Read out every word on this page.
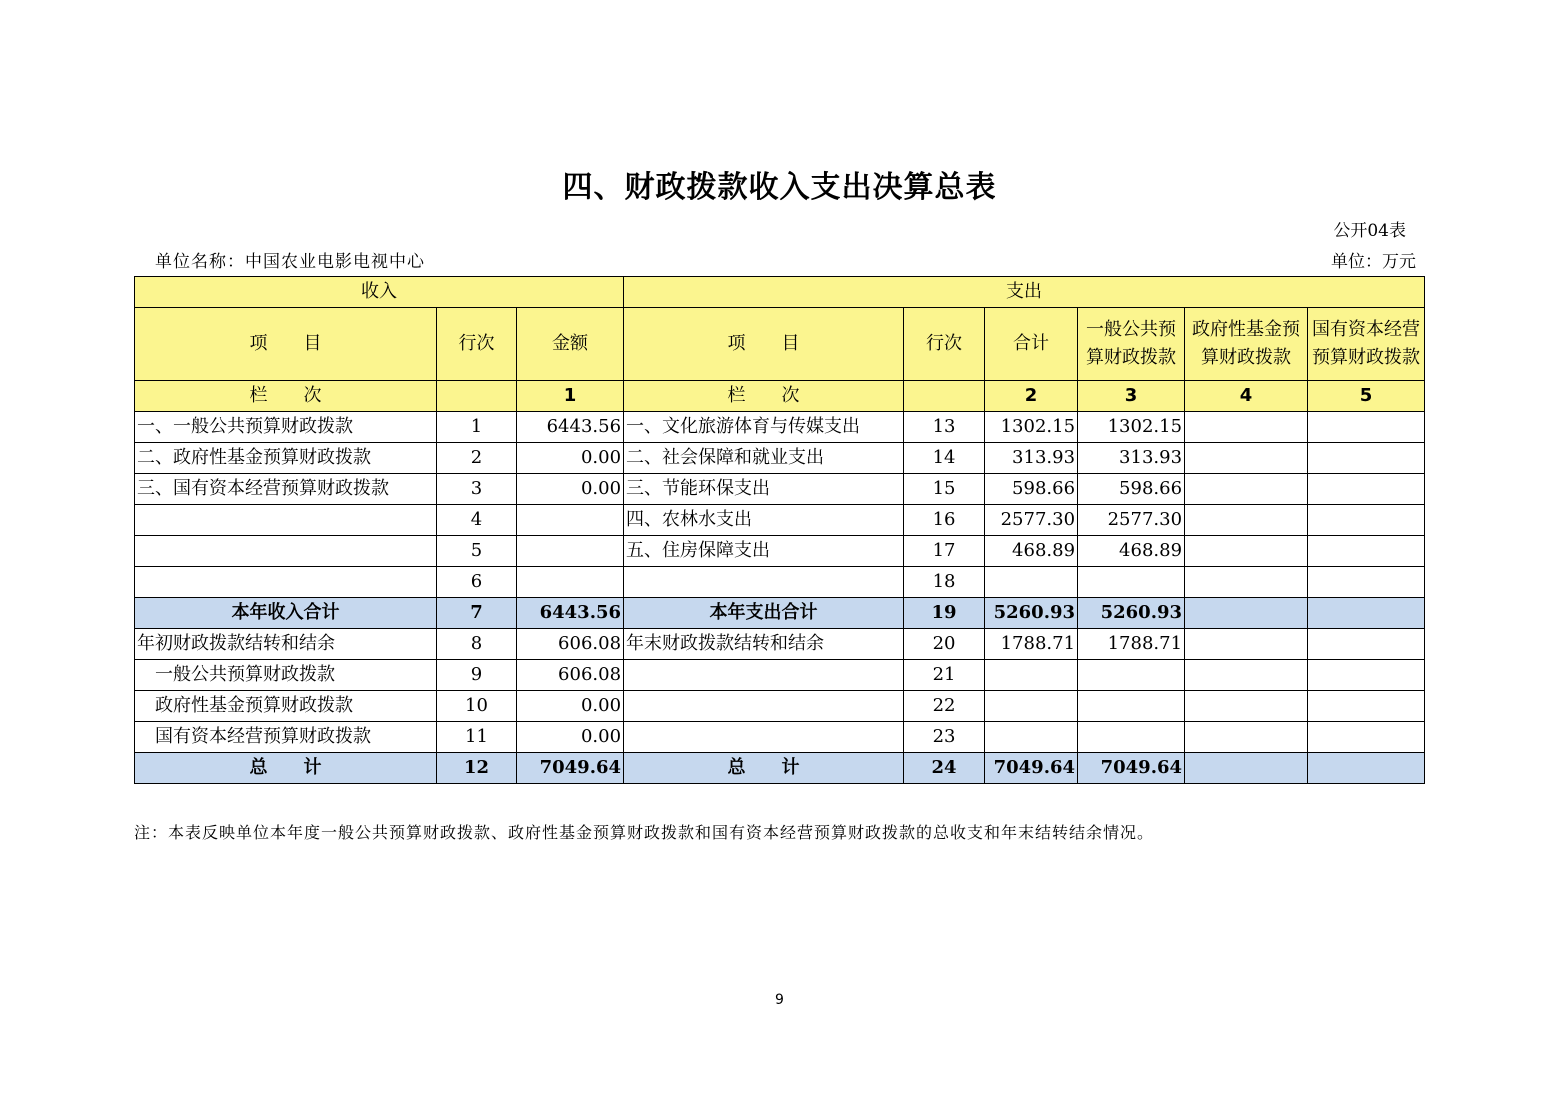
四、财政拨款收入支出决算总表
公开04表
单位名称：中国农业电影电视中心	单位：万元
收入			支出					
项　　目	行次	金额	项　　目	行次	合计	一般公共预算财政拨款	政府性基金预算财政拨款	国有资本经营预算财政拨款
栏　　次		1	栏　　次		2	3	4	5
一、一般公共预算财政拨款	1	6443.56	一、文化旅游体育与传媒支出	13	1302.15	1302.15		
二、政府性基金预算财政拨款	2	0.00	二、社会保障和就业支出	14	313.93	313.93		
三、国有资本经营预算财政拨款	3	0.00	三、节能环保支出	15	598.66	598.66		
	4		四、农林水支出	16	2577.30	2577.30		
	5		五、住房保障支出	17	468.89	468.89		
	6			18				
本年收入合计	7	6443.56	本年支出合计	19	5260.93	5260.93		
年初财政拨款结转和结余	8	606.08	年末财政拨款结转和结余	20	1788.71	1788.71		
一般公共预算财政拨款	9	606.08		21				
政府性基金预算财政拨款	10	0.00		22				
国有资本经营预算财政拨款	11	0.00		23				
总　　计	12	7049.64	总　　计	24	7049.64	7049.64		
注：本表反映单位本年度一般公共预算财政拨款、政府性基金预算财政拨款和国有资本经营预算财政拨款的总收支和年末结转结余情况。
9
